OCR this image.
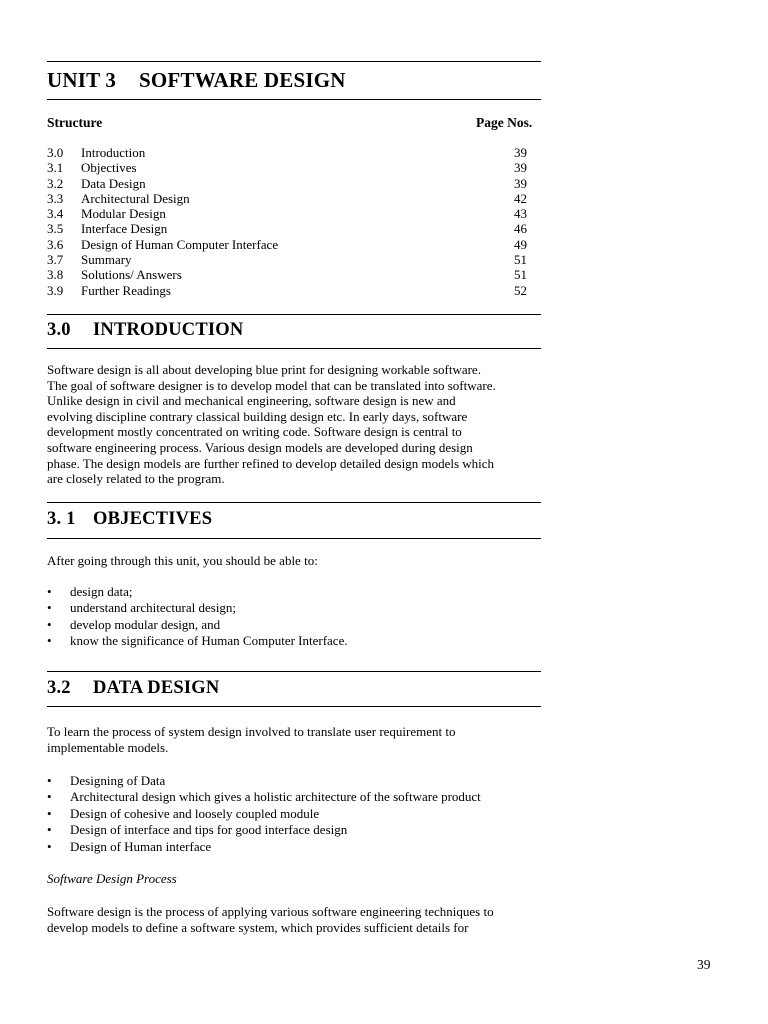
UNIT 3 SOFTWARE DESIGN
Structure	Page Nos.
3.0	Introduction	39
3.1	Objectives	39
3.2	Data Design	39
3.3	Architectural Design	42
3.4	Modular Design	43
3.5	Interface Design	46
3.6	Design of Human Computer Interface	49
3.7	Summary	51
3.8	Solutions/ Answers	51
3.9	Further Readings	52
3.0 INTRODUCTION
Software design is all about developing blue print for designing workable software.
The goal of software designer is to develop model that can be translated into software.
Unlike design in civil and mechanical engineering, software design is new and
evolving discipline contrary classical building design etc. In early days, software
development mostly concentrated on writing code. Software design is central to
software engineering process. Various design models are developed during design
phase. The design models are further refined to develop detailed design models which
are closely related to the program.
3. 1 OBJECTIVES
After going through this unit, you should be able to:
• design data;
• understand architectural design;
• develop modular design, and
• know the significance of Human Computer Interface.
3.2 DATA DESIGN
To learn the process of system design involved to translate user requirement to
implementable models.
• Designing of Data
• Architectural design which gives a holistic architecture of the software product
• Design of cohesive and loosely coupled module
• Design of interface and tips for good interface design
• Design of Human interface
Software Design Process
Software design is the process of applying various software engineering techniques to
develop models to define a software system, which provides sufficient details for
39
